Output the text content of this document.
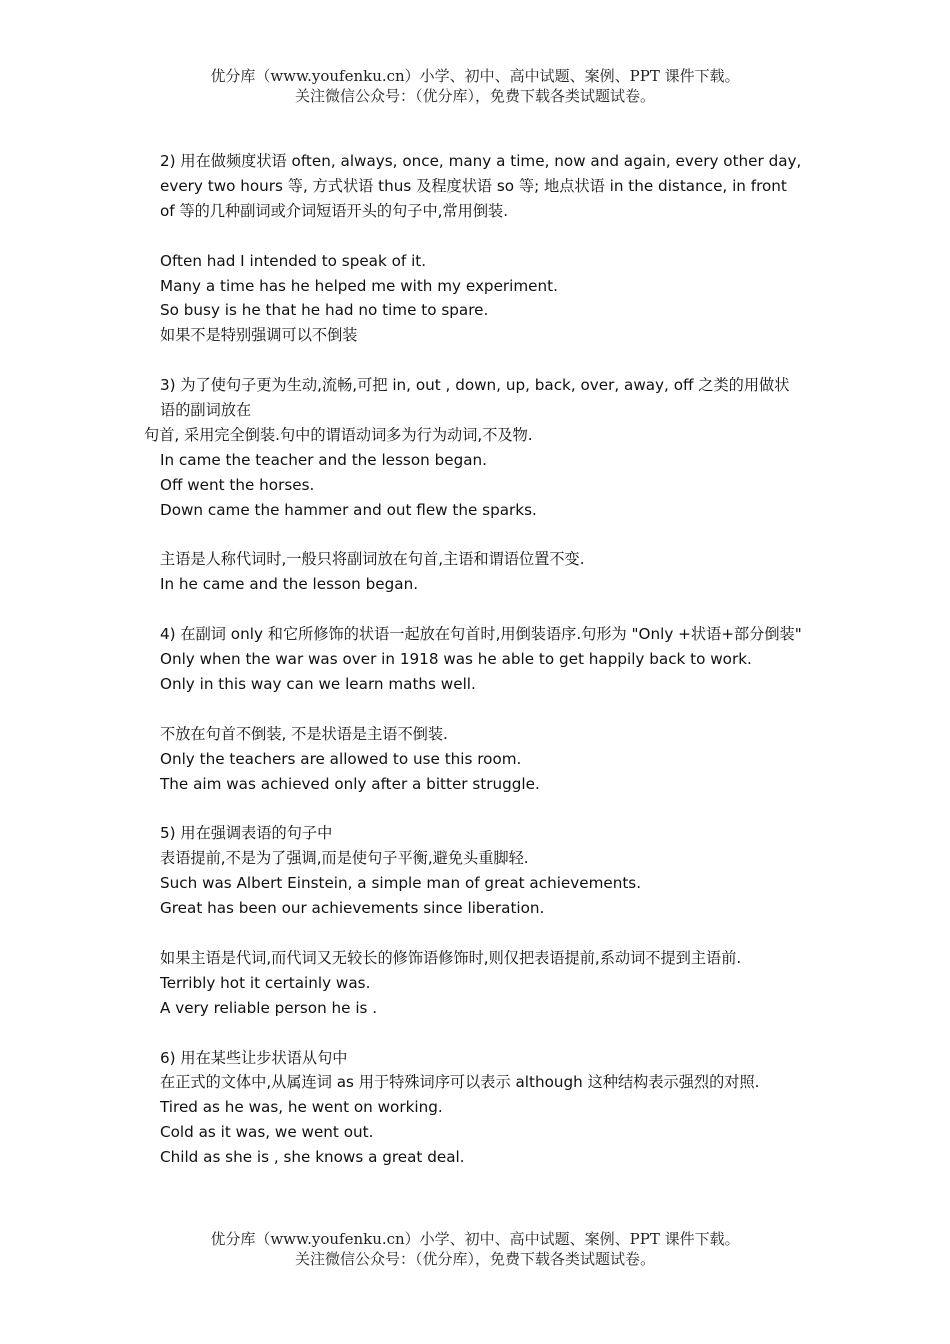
优分库（www.youfenku.cn）小学、初中、高中试题、案例、PPT 课件下载。
关注微信公众号：（优分库），免费下载各类试题试卷。
2) 用在做频度状语 often, always, once, many a time, now and again, every other day, every two hours 等, 方式状语 thus 及程度状语 so 等; 地点状语 in the distance, in front of 等的几种副词或介词短语开头的句子中,常用倒装.
Often had I intended to speak of it.
Many a time has he helped me with my experiment.
So busy is he that he had no time to spare.
如果不是特别强调可以不倒装
3) 为了使句子更为生动,流畅,可把 in, out , down, up, back, over, away, off 之类的用做状语的副词放在
句首, 采用完全倒装.句中的谓语动词多为行为动词,不及物.
In came the teacher and the lesson began.
Off went the horses.
Down came the hammer and out flew the sparks.
主语是人称代词时,一般只将副词放在句首,主语和谓语位置不变.
In he came and the lesson began.
4) 在副词 only 和它所修饰的状语一起放在句首时,用倒装语序.句形为 "Only +状语+部分倒装"
Only when the war was over in 1918 was he able to get happily back to work.
Only in this way can we learn maths well.
不放在句首不倒装, 不是状语是主语不倒装.
Only the teachers are allowed to use this room.
The aim was achieved only after a bitter struggle.
5) 用在强调表语的句子中
表语提前,不是为了强调,而是使句子平衡,避免头重脚轻.
Such was Albert Einstein, a simple man of great achievements.
Great has been our achievements since liberation.
如果主语是代词,而代词又无较长的修饰语修饰时,则仅把表语提前,系动词不提到主语前.
Terribly hot it certainly was.
A very reliable person he is .
6) 用在某些让步状语从句中
在正式的文体中,从属连词 as 用于特殊词序可以表示 although 这种结构表示强烈的对照.
Tired as he was, he went on working.
Cold as it was, we went out.
Child as she is , she knows a great deal.
优分库（www.youfenku.cn）小学、初中、高中试题、案例、PPT 课件下载。
关注微信公众号：（优分库），免费下载各类试题试卷。
